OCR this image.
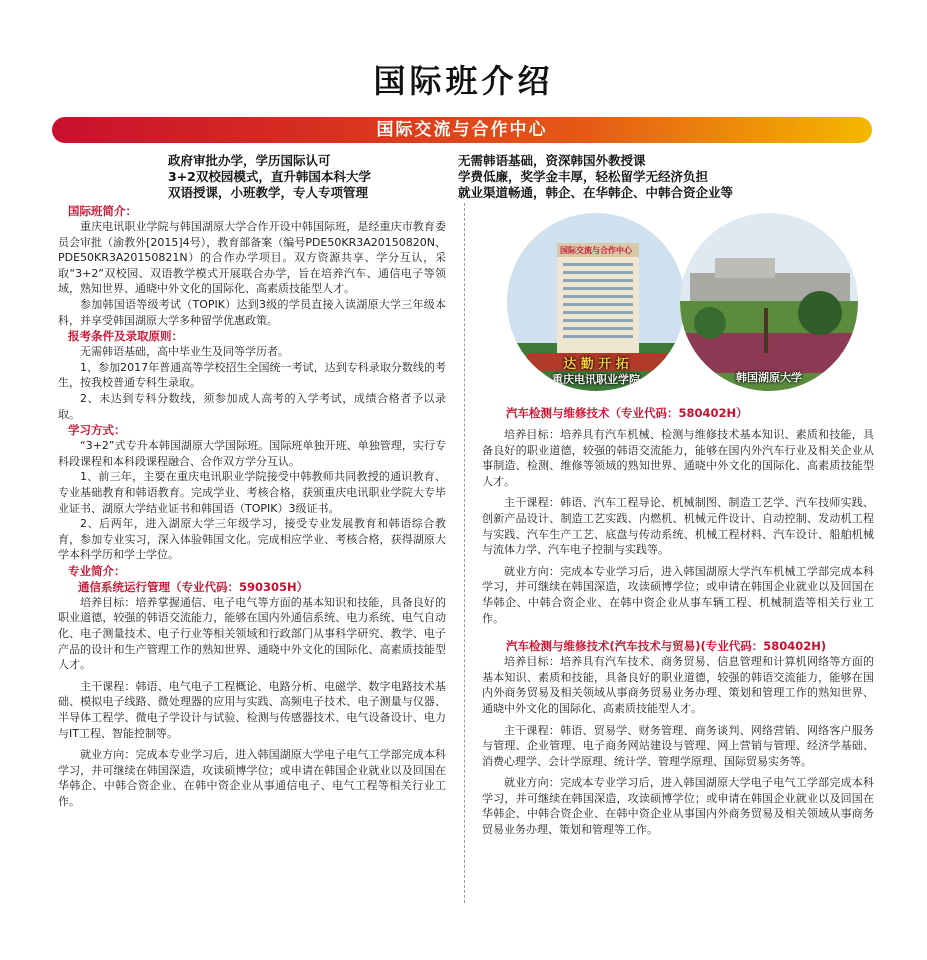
国际班介绍
国际交流与合作中心
政府审批办学，学历国际认可
3+2双校园模式，直升韩国本科大学
双语授课，小班教学，专人专项管理
无需韩语基础，资深韩国外教授课
学费低廉，奖学金丰厚，轻松留学无经济负担
就业渠道畅通，韩企、在华韩企、中韩合资企业等
国际班简介：

重庆电讯职业学院与韩国湖原大学合作开设中韩国际班，是经重庆市教育委员会审批（渝教外[2015]4号），教育部备案（编号PDE50KR3A20150820N、PDE50KR3A20150821N）的合作办学项目。双方资源共享、学分互认，采取“3+2”双校园、双语教学模式开展联合办学，旨在培养汽车、通信电子等领域，熟知世界、通晓中外文化的国际化、高素质技能型人才。

参加韩国语等级考试（TOPIK）达到3级的学员直接入读湖原大学三年级本科，并享受韩国湖原大学多种留学优惠政策。

报考条件及录取原则：

无需韩语基础，高中毕业生及同等学历者。

1、参加2017年普通高等学校招生全国统一考试，达到专科录取分数线的考生，按我校普通专科生录取。

2、未达到专科分数线，须参加成人高考的入学考试，成绩合格者予以录取。

学习方式：

“3+2”式专升本韩国湖原大学国际班。国际班单独开班、单独管理，实行专科段课程和本科段课程融合、合作双方学分互认。

1、前三年，主要在重庆电讯职业学院接受中韩教师共同教授的通识教育、专业基础教育和韩语教育。完成学业、考核合格，获颁重庆电讯职业学院大专毕业证书、湖原大学结业证书和韩国语（TOPIK）3级证书。

2、后两年，进入湖原大学三年级学习，接受专业发展教育和韩语综合教育，参加专业实习，深入体验韩国文化。完成相应学业、考核合格，获得湖原大学本科学历和学士学位。

专业简介：
通信系统运行管理（专业代码：590305H）

培养目标：培养掌握通信、电子电气等方面的基本知识和技能，具备良好的职业道德，较强的韩语交流能力，能够在国内外通信系统、电力系统、电气自动化、电子测量技术、电子行业等相关领域和行政部门从事科学研究、教学、电子产品的设计和生产管理工作的熟知世界、通晓中外文化的国际化、高素质技能型人才。

主干课程：韩语、电气电子工程概论、电路分析、电磁学、数字电路技术基础、模拟电子线路、微处理器的应用与实践、高频电子技术、电子测量与仪器、半导体工程学、微电子学设计与试验、检测与传感器技术、电气设备设计、电力与IT工程、智能控制等。

就业方向：完成本专业学习后，进入韩国湖原大学电子电气工学部完成本科学习，并可继续在韩国深造，攻读硕博学位；或申请在韩国企业就业以及回国在华韩企、中韩合资企业、在韩中资企业从事通信电子、电气工程等相关行业工作。

国际交流与合作中心
达 勤 开 拓
重庆电讯职业学院	韩国湖原大学
汽车检测与维修技术（专业代码：580402H）

培养目标：培养具有汽车机械、检测与维修技术基本知识、素质和技能，具备良好的职业道德，较强的韩语交流能力，能够在国内外汽车行业及相关企业从事制造、检测、维修等领域的熟知世界、通晓中外文化的国际化、高素质技能型人才。

主干课程：韩语、汽车工程导论、机械制图、制造工艺学、汽车技师实践、创新产品设计、制造工艺实践、内燃机、机械元件设计、自动控制、发动机工程与实践、汽车生产工艺、底盘与传动系统、机械工程材料、汽车设计、船舶机械与流体力学、汽车电子控制与实践等。

就业方向：完成本专业学习后，进入韩国湖原大学汽车机械工学部完成本科学习，并可继续在韩国深造，攻读硕博学位；或申请在韩国企业就业以及回国在华韩企、中韩合资企业、在韩中资企业从事车辆工程、机械制造等相关行业工作。

汽车检测与维修技术(汽车技术与贸易)(专业代码：580402H)

培养目标：培养具有汽车技术、商务贸易、信息管理和计算机网络等方面的基本知识、素质和技能，具备良好的职业道德，较强的韩语交流能力，能够在国内外商务贸易及相关领域从事商务贸易业务办理、策划和管理工作的熟知世界、通晓中外文化的国际化、高素质技能型人才。

主干课程：韩语、贸易学、财务管理、商务谈判、网络营销、网络客户服务与管理、企业管理、电子商务网站建设与管理、网上营销与管理、经济学基础、消费心理学、会计学原理、统计学、管理学原理、国际贸易实务等。

就业方向：完成本专业学习后，进入韩国湖原大学电子电气工学部完成本科学习，并可继续在韩国深造，攻读硕博学位；或申请在韩国企业就业以及回国在华韩企、中韩合资企业、在韩中资企业从事国内外商务贸易及相关领域从事商务贸易业务办理、策划和管理等工作。
